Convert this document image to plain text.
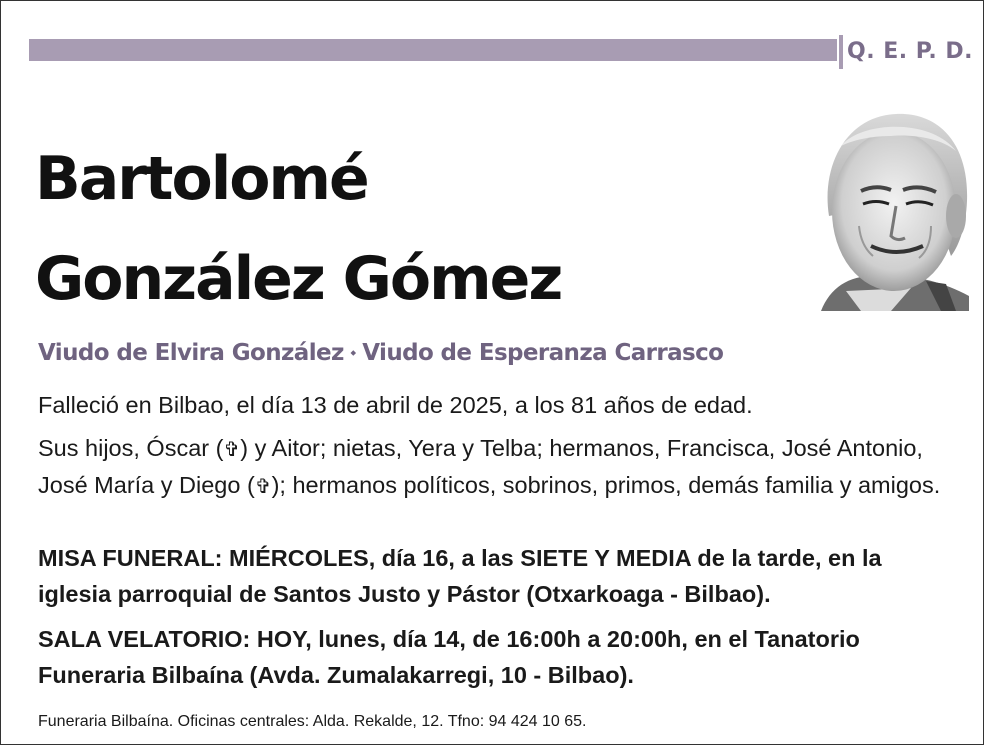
Q. E. P. D.
Bartolomé
González Gómez
Viudo de Elvira González ⬩ Viudo de Esperanza Carrasco
Falleció en Bilbao, el día 13 de abril de 2025, a los 81 años de edad.
Sus hijos, Óscar (✞) y Aitor; nietas, Yera y Telba; hermanos, Francisca, José Antonio, José María y Diego (✞); hermanos políticos, sobrinos, primos, demás familia y amigos.
MISA FUNERAL: MIÉRCOLES, día 16, a las SIETE Y MEDIA de la tarde, en la iglesia parroquial de Santos Justo y Pástor (Otxarkoaga - Bilbao).
SALA VELATORIO: HOY, lunes, día 14, de 16:00h a 20:00h, en el Tanatorio Funeraria Bilbaína (Avda. Zumalakarregi, 10 - Bilbao).
Funeraria Bilbaína. Oficinas centrales: Alda. Rekalde, 12. Tfno: 94 424 10 65.
